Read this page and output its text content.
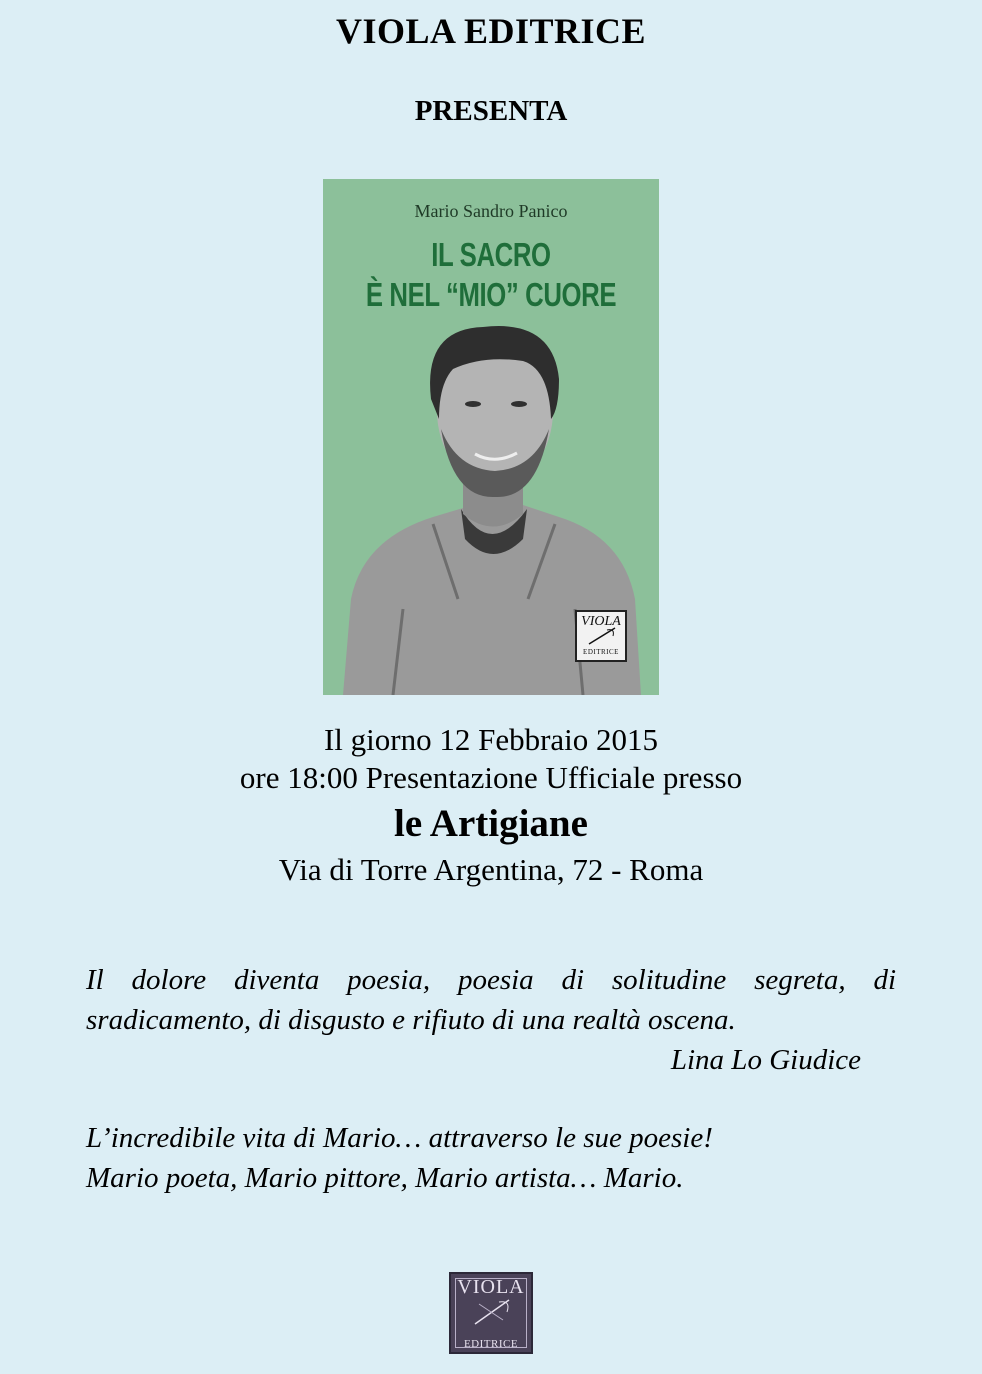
VIOLA EDITRICE
PRESENTA
Mario Sandro Panico
IL SACRO
È NEL “MIO” CUORE
VIOLA
EDITRICE
Il giorno 12 Febbraio 2015
ore 18:00 Presentazione Ufficiale presso
le Artigiane
Via di Torre Argentina, 72 - Roma
Il dolore diventa poesia, poesia di solitudine segreta, di sradicamento, di disgusto e rifiuto di una realtà oscena.
Lina Lo Giudice
L’incredibile vita di Mario… attraverso le sue poesie!
Mario poeta, Mario pittore, Mario artista… Mario.
VIOLA
EDITRICE
